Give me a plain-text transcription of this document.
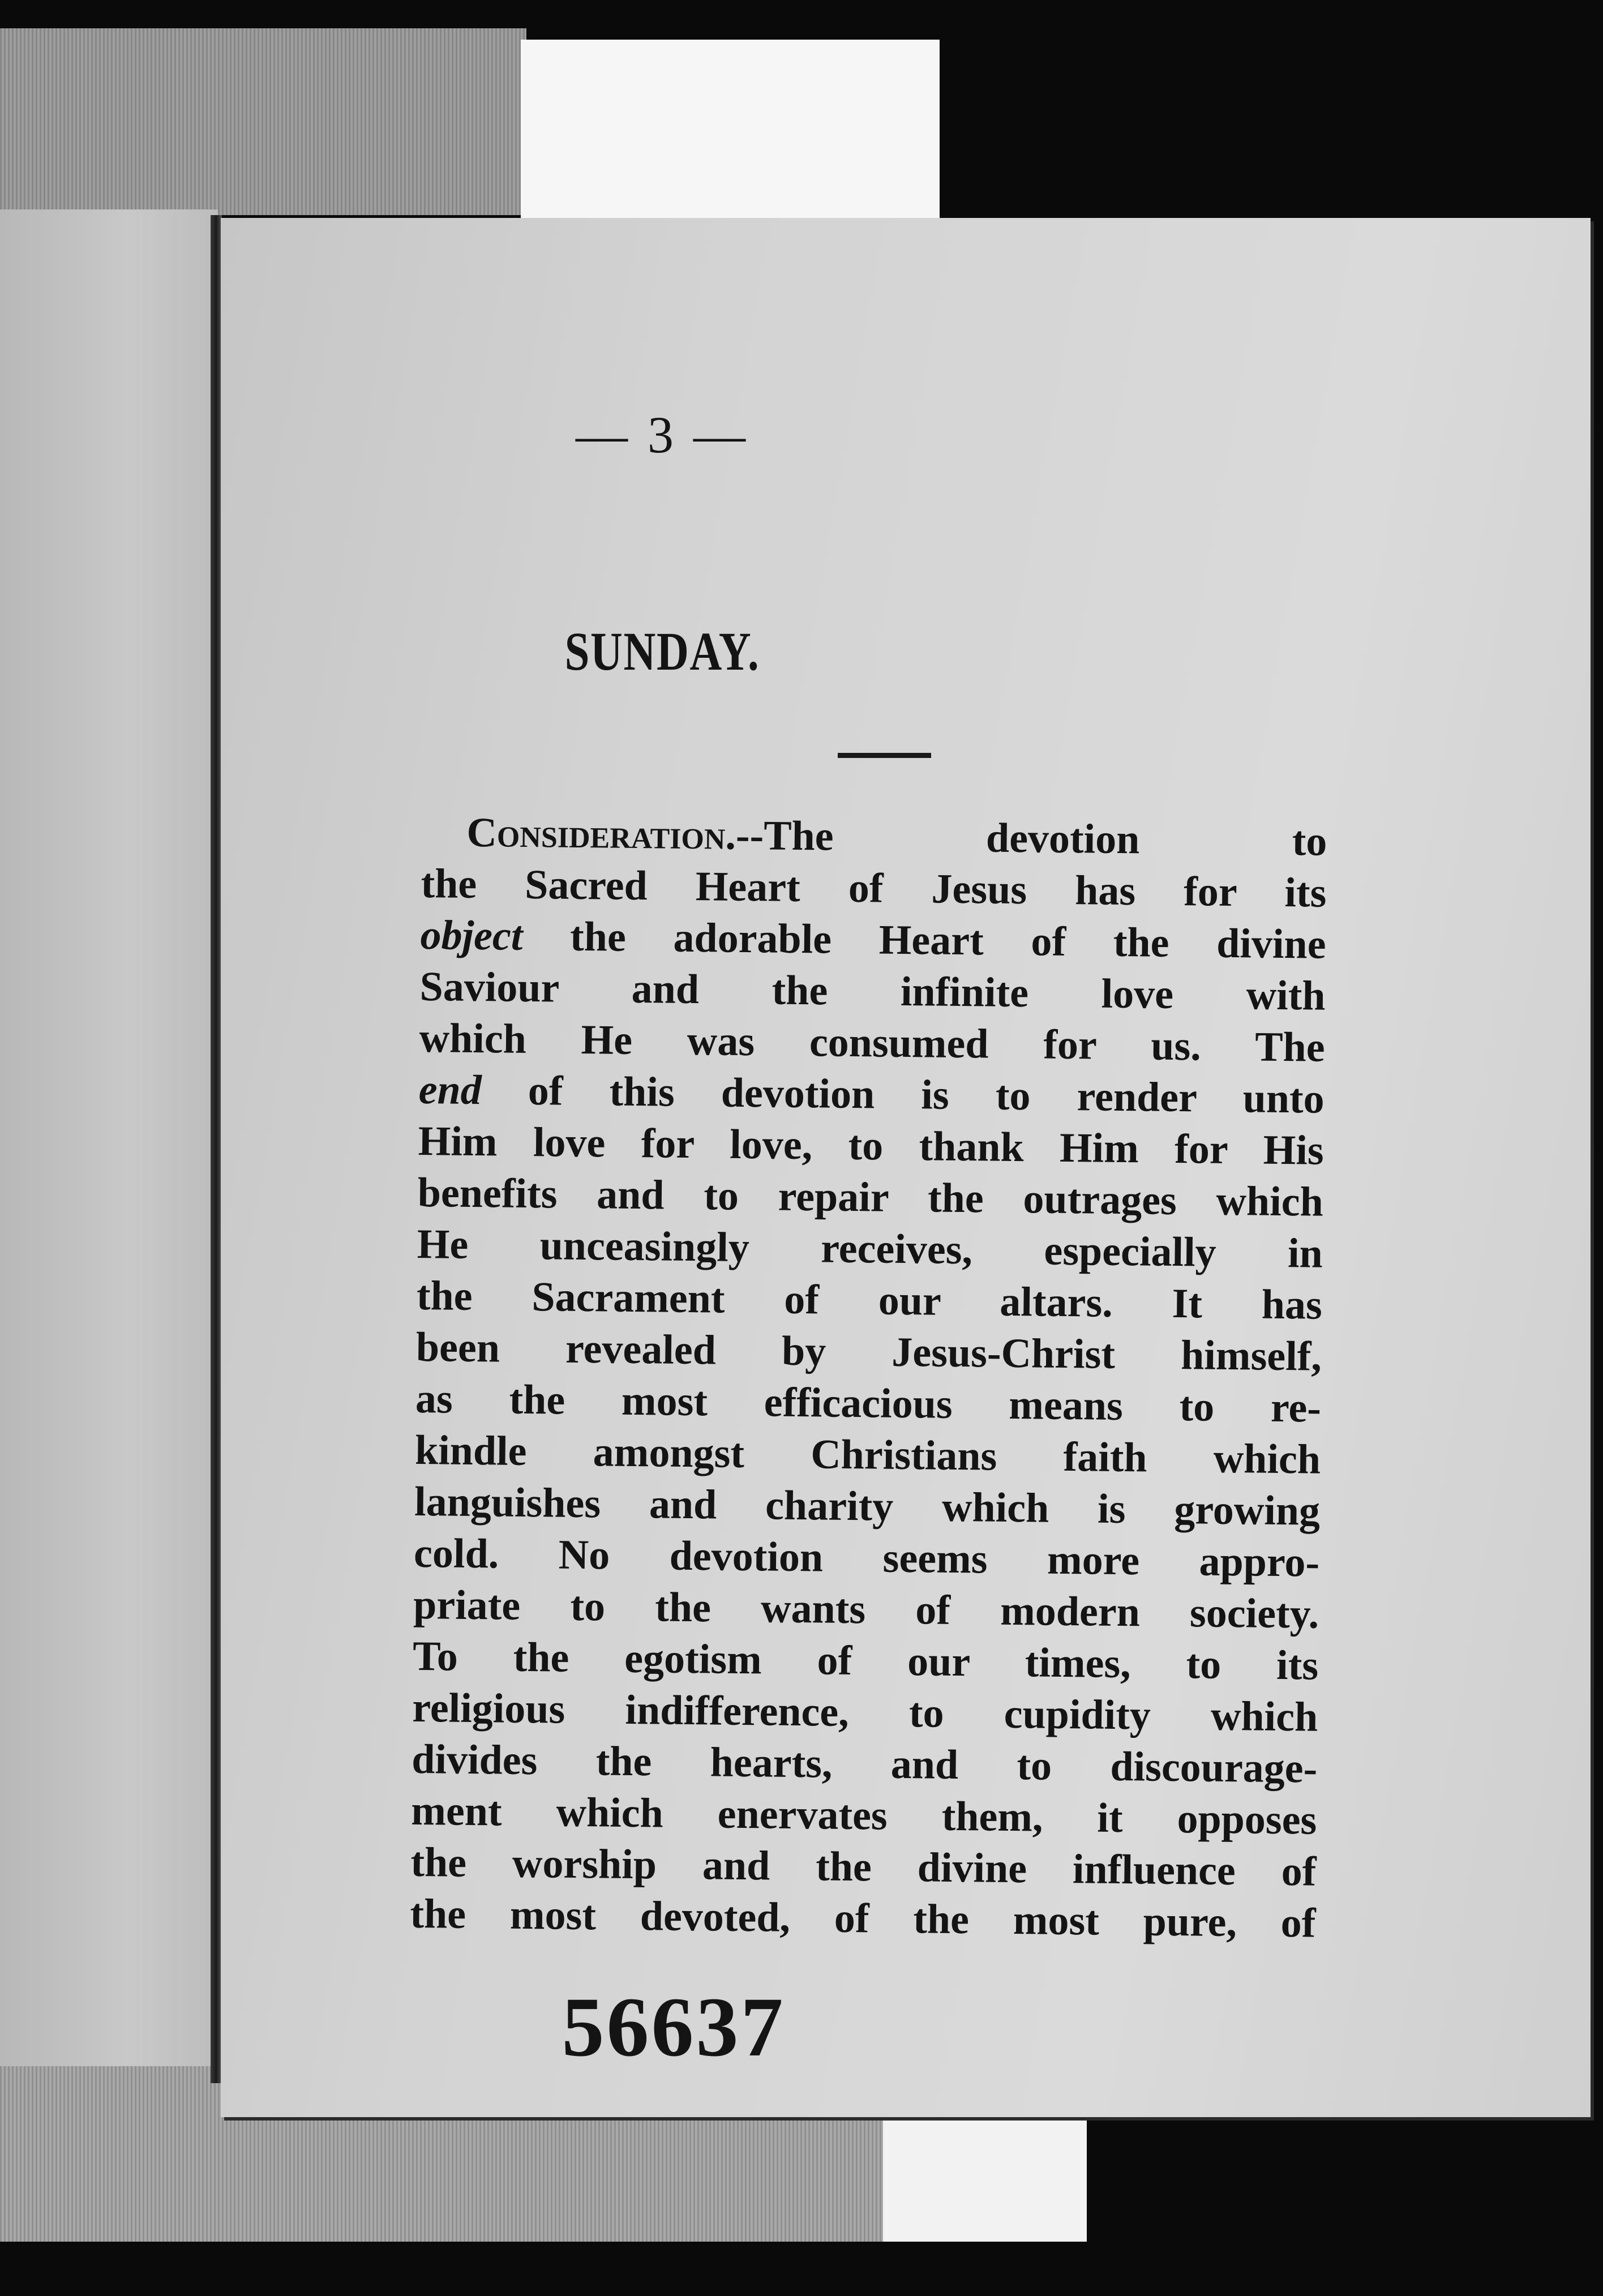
— 3 —
SUNDAY.
Consideration.--The devotion to
the Sacred Heart of Jesus has for its
object the adorable Heart of the divine
Saviour and the infinite love with
which He was consumed for us. The
end of this devotion is to render unto
Him love for love, to thank Him for His
benefits and to repair the outrages which
He unceasingly receives, especially in
the Sacrament of our altars. It has
been revealed by Jesus-Christ himself,
as the most efficacious means to re-
kindle amongst Christians faith which
languishes and charity which is growing
cold. No devotion seems more appro-
priate to the wants of modern society.
To the egotism of our times, to its
religious indifference, to cupidity which
divides the hearts, and to discourage-
ment which enervates them, it opposes
the worship and the divine influence of
the most devoted, of the most pure, of
56637
